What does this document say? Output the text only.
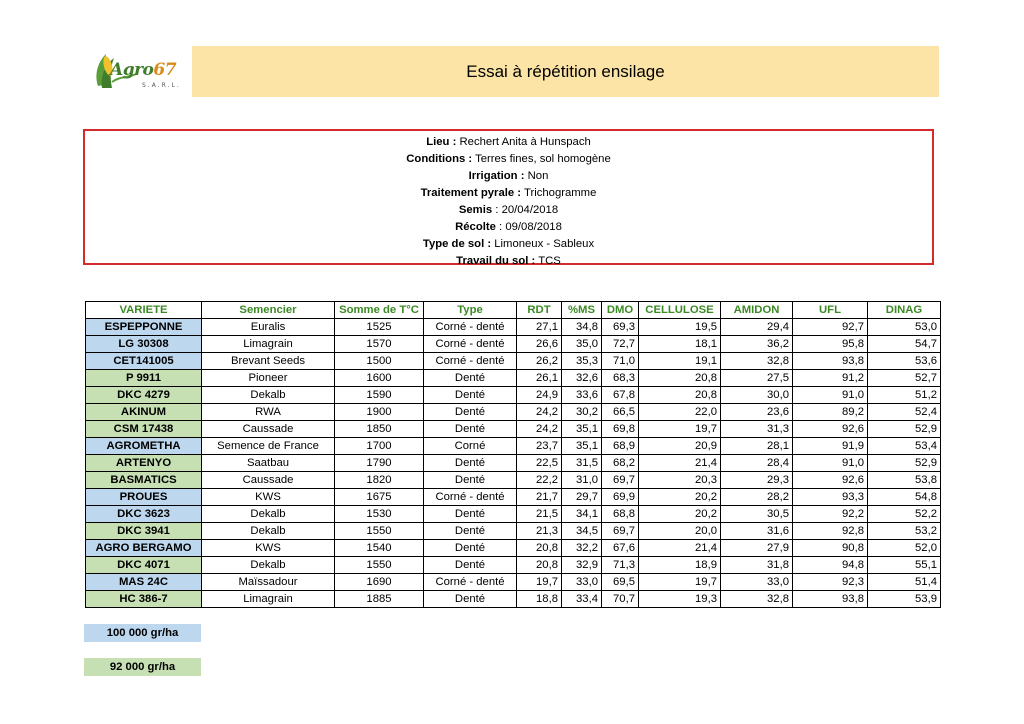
Agro67
S.A.R.L.
Essai à répétition ensilage
Lieu : Rechert Anita à Hunspach
Conditions : Terres fines, sol homogène
Irrigation : Non
Traitement pyrale : Trichogramme
Semis : 20/04/2018
Récolte : 09/08/2018
Type de sol : Limoneux - Sableux
Travail du sol : TCS
VARIETE	Semencier	Somme de T°C	Type	RDT	%MS	DMO	CELLULOSE	AMIDON	UFL	DINAG
ESPEPPONNE	Euralis	1525	Corné - denté	27,1	34,8	69,3	19,5	29,4	92,7	53,0
LG 30308	Limagrain	1570	Corné - denté	26,6	35,0	72,7	18,1	36,2	95,8	54,7
CET141005	Brevant Seeds	1500	Corné - denté	26,2	35,3	71,0	19,1	32,8	93,8	53,6
P 9911	Pioneer	1600	Denté	26,1	32,6	68,3	20,8	27,5	91,2	52,7
DKC 4279	Dekalb	1590	Denté	24,9	33,6	67,8	20,8	30,0	91,0	51,2
AKINUM	RWA	1900	Denté	24,2	30,2	66,5	22,0	23,6	89,2	52,4
CSM 17438	Caussade	1850	Denté	24,2	35,1	69,8	19,7	31,3	92,6	52,9
AGROMETHA	Semence de France	1700	Corné	23,7	35,1	68,9	20,9	28,1	91,9	53,4
ARTENYO	Saatbau	1790	Denté	22,5	31,5	68,2	21,4	28,4	91,0	52,9
BASMATICS	Caussade	1820	Denté	22,2	31,0	69,7	20,3	29,3	92,6	53,8
PROUES	KWS	1675	Corné - denté	21,7	29,7	69,9	20,2	28,2	93,3	54,8
DKC 3623	Dekalb	1530	Denté	21,5	34,1	68,8	20,2	30,5	92,2	52,2
DKC 3941	Dekalb	1550	Denté	21,3	34,5	69,7	20,0	31,6	92,8	53,2
AGRO BERGAMO	KWS	1540	Denté	20,8	32,2	67,6	21,4	27,9	90,8	52,0
DKC 4071	Dekalb	1550	Denté	20,8	32,9	71,3	18,9	31,8	94,8	55,1
MAS 24C	Maïssadour	1690	Corné - denté	19,7	33,0	69,5	19,7	33,0	92,3	51,4
HC 386-7	Limagrain	1885	Denté	18,8	33,4	70,7	19,3	32,8	93,8	53,9
100 000 gr/ha
92 000 gr/ha
